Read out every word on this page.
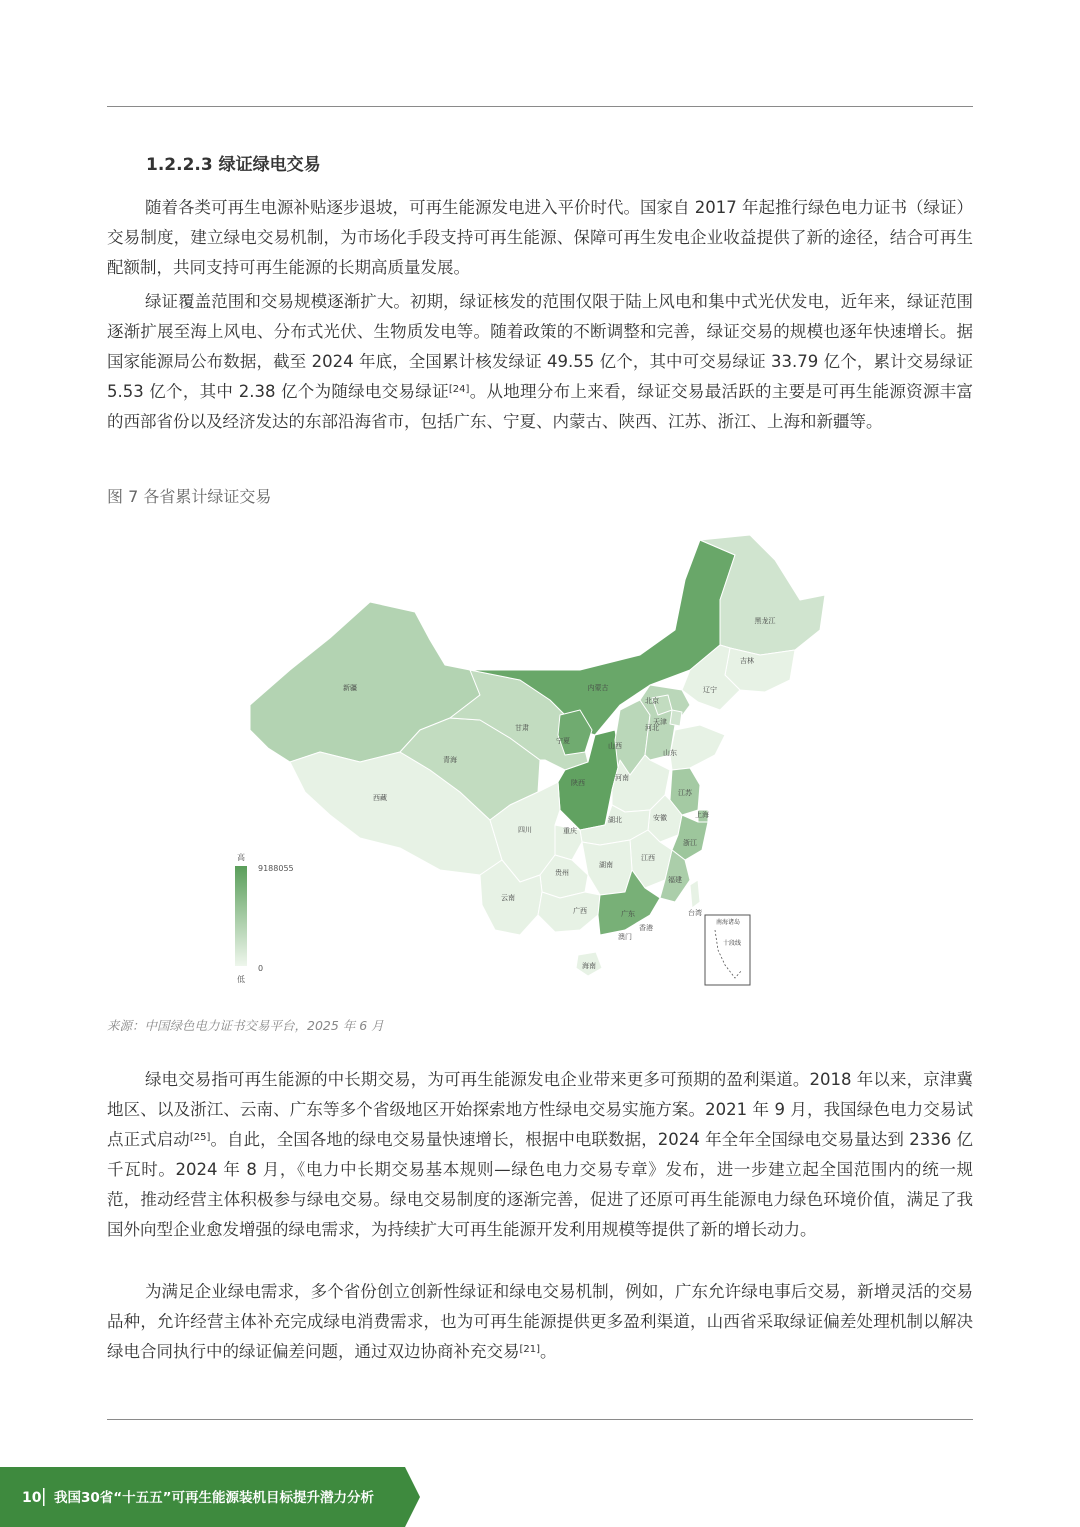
1.2.2.3 绿证绿电交易

随着各类可再生电源补贴逐步退坡，可再生能源发电进入平价时代。国家自 2017 年起推行绿色电力证书（绿证）交易制度，建立绿电交易机制，为市场化手段支持可再生能源、保障可再生发电企业收益提供了新的途径，结合可再生配额制，共同支持可再生能源的长期高质量发展。

绿证覆盖范围和交易规模逐渐扩大。初期，绿证核发的范围仅限于陆上风电和集中式光伏发电，近年来，绿证范围逐渐扩展至海上风电、分布式光伏、生物质发电等。随着政策的不断调整和完善，绿证交易的规模也逐年快速增长。据国家能源局公布数据，截至 2024 年底，全国累计核发绿证 49.55 亿个，其中可交易绿证 33.79 亿个，累计交易绿证 5.53 亿个，其中 2.38 亿个为随绿电交易绿证[24]。从地理分布上来看，绿证交易最活跃的主要是可再生能源资源丰富的西部省份以及经济发达的东部沿海省市，包括广东、宁夏、内蒙古、陕西、江苏、浙江、上海和新疆等。

图 7 各省累计绿证交易
南海诸岛
十段线
新疆
西藏
青海
甘肃
内蒙古
黑龙江
吉林
辽宁
北京
天津
河北
宁夏
山西
山东
陕西
河南
江苏
上海
安徽
浙江
湖北
重庆
四川
江西
湖南
福建
贵州
云南
广西	广东
香港
澳门
台湾
海南
高
9188055
0
低
来源：中国绿色电力证书交易平台，2025 年 6 月

绿电交易指可再生能源的中长期交易，为可再生能源发电企业带来更多可预期的盈利渠道。2018 年以来，京津冀地区、以及浙江、云南、广东等多个省级地区开始探索地方性绿电交易实施方案。2021 年 9 月，我国绿色电力交易试点正式启动[25]。自此，全国各地的绿电交易量快速增长，根据中电联数据，2024 年全年全国绿电交易量达到 2336 亿千瓦时。2024 年 8 月，《电力中长期交易基本规则—绿色电力交易专章》发布，进一步建立起全国范围内的统一规范，推动经营主体积极参与绿电交易。绿电交易制度的逐渐完善，促进了还原可再生能源电力绿色环境价值，满足了我国外向型企业愈发增强的绿电需求，为持续扩大可再生能源开发利用规模等提供了新的增长动力。

为满足企业绿电需求，多个省份创立创新性绿证和绿电交易机制，例如，广东允许绿电事后交易，新增灵活的交易品种，允许经营主体补充完成绿电消费需求，也为可再生能源提供更多盈利渠道，山西省采取绿证偏差处理机制以解决绿电合同执行中的绿证偏差问题，通过双边协商补充交易[21]。

10 我国30省“十五五”可再生能源装机目标提升潜力分析
